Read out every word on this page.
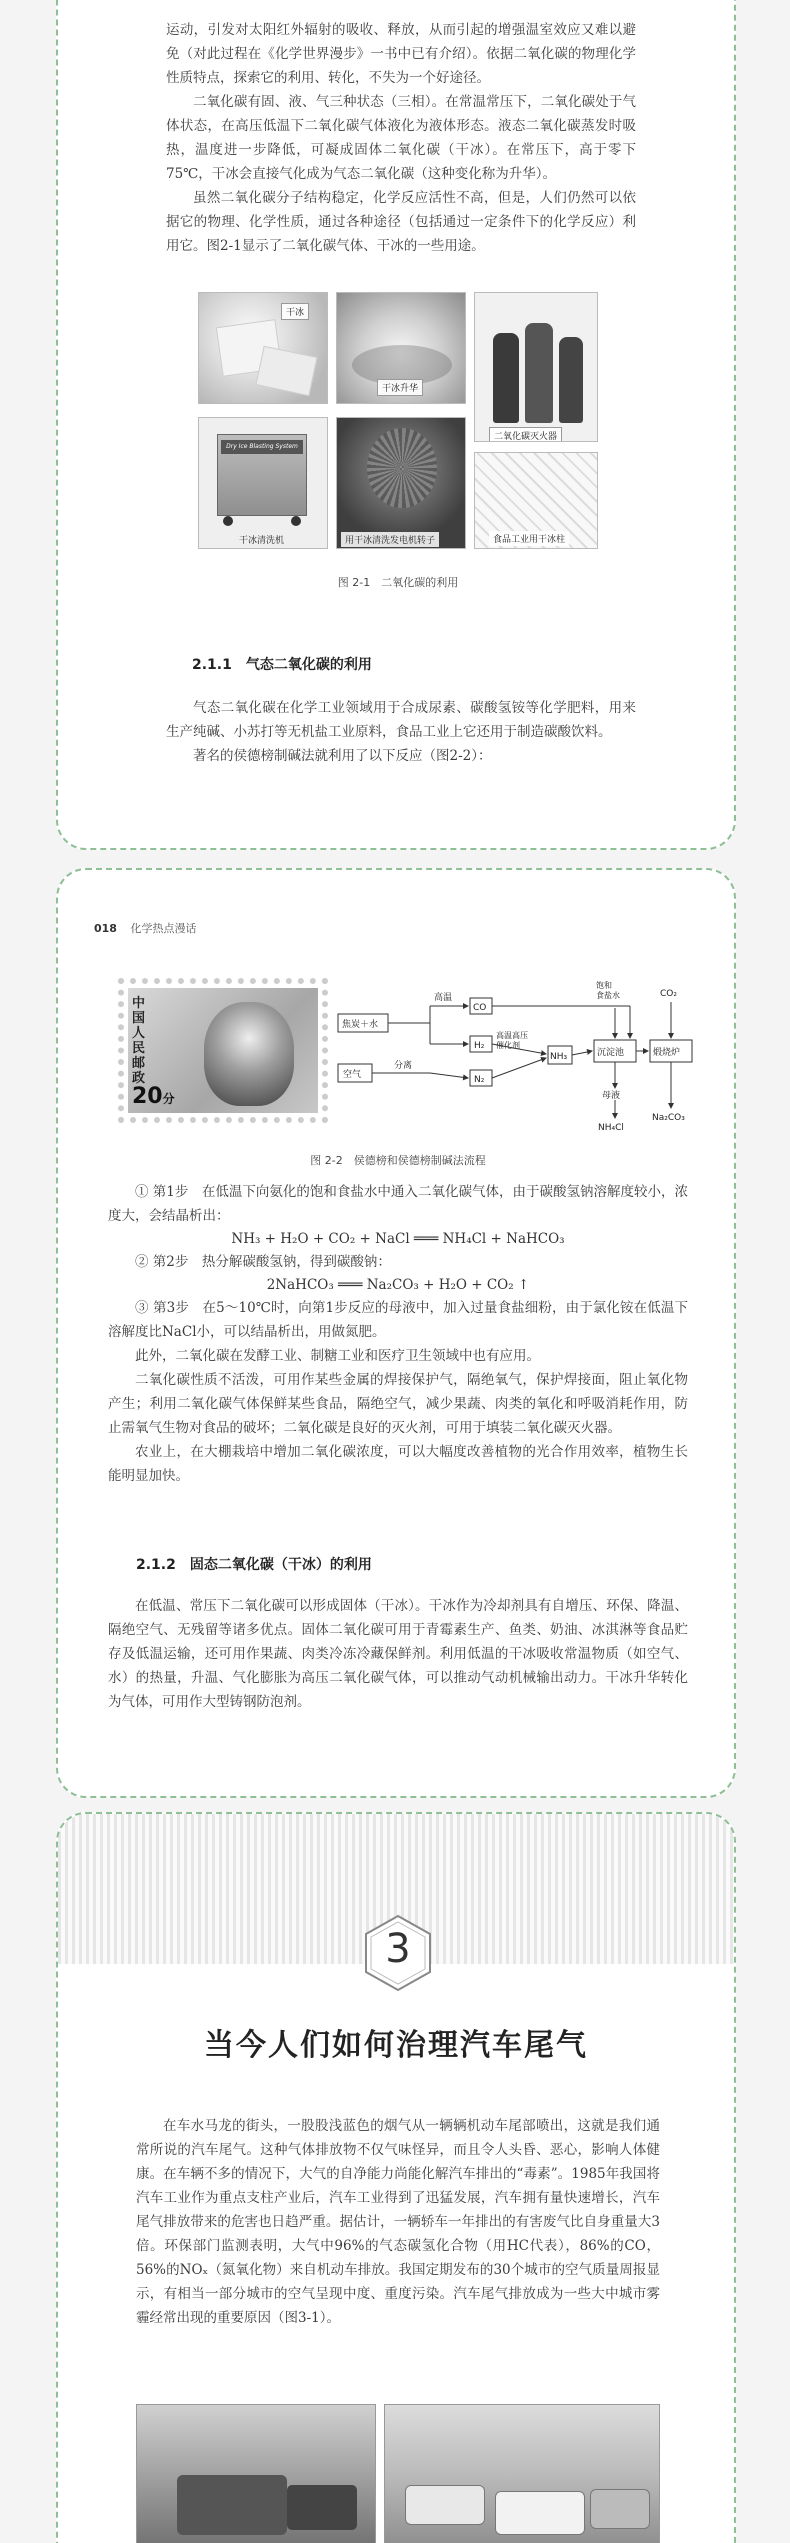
运动，引发对太阳红外辐射的吸收、释放，从而引起的增强温室效应又难以避免（对此过程在《化学世界漫步》一书中已有介绍）。依据二氧化碳的物理化学性质特点，探索它的利用、转化，不失为一个好途径。

二氧化碳有固、液、气三种状态（三相）。在常温常压下，二氧化碳处于气体状态，在高压低温下二氧化碳气体液化为液体形态。液态二氧化碳蒸发时吸热，温度进一步降低，可凝成固体二氧化碳（干冰）。在常压下，高于零下75℃，干冰会直接气化成为气态二氧化碳（这种变化称为升华）。

虽然二氧化碳分子结构稳定，化学反应活性不高，但是，人们仍然可以依据它的物理、化学性质，通过各种途径（包括通过一定条件下的化学反应）利用它。图2-1显示了二氧化碳气体、干冰的一些用途。

干冰
干冰升华
二氧化碳灭火器
Dry Ice Blasting System
干冰清洗机	用干冰清洗发电机转子	食品工业用干冰柱
图 2-1　二氧化碳的利用
2.1.1　气态二氧化碳的利用

气态二氧化碳在化学工业领域用于合成尿素、碳酸氢铵等化学肥料，用来生产纯碱、小苏打等无机盐工业原料，食品工业上它还用于制造碳酸饮料。

著名的侯德榜制碱法就利用了以下反应（图2-2）：

018 化学热点漫话
中国人民邮政
20分
焦炭＋水
高温
CO
H₂
高温高压催化剂
空气
分离
N₂
NH₃
饱和食盐水	CO₂
沉淀池	煅烧炉
母液
NH₄Cl
Na₂CO₃
图 2-2　侯德榜和侯德榜制碱法流程

① 第1步　在低温下向氨化的饱和食盐水中通入二氧化碳气体，由于碳酸氢钠溶解度较小，浓度大，会结晶析出：

NH₃ + H₂O + CO₂ + NaCl ═══ NH₄Cl + NaHCO₃

② 第2步　热分解碳酸氢钠，得到碳酸钠：

2NaHCO₃ ═══ Na₂CO₃ + H₂O + CO₂ ↑

③ 第3步　在5～10℃时，向第1步反应的母液中，加入过量食盐细粉，由于氯化铵在低温下溶解度比NaCl小，可以结晶析出，用做氮肥。

此外，二氧化碳在发酵工业、制糖工业和医疗卫生领域中也有应用。

二氧化碳性质不活泼，可用作某些金属的焊接保护气，隔绝氧气，保护焊接面，阻止氧化物产生；利用二氧化碳气体保鲜某些食品，隔绝空气，减少果蔬、肉类的氧化和呼吸消耗作用，防止需氧气生物对食品的破坏；二氧化碳是良好的灭火剂，可用于填装二氧化碳灭火器。

农业上，在大棚栽培中增加二氧化碳浓度，可以大幅度改善植物的光合作用效率，植物生长能明显加快。

2.1.2　固态二氧化碳（干冰）的利用

在低温、常压下二氧化碳可以形成固体（干冰）。干冰作为冷却剂具有自增压、环保、降温、隔绝空气、无残留等诸多优点。固体二氧化碳可用于青霉素生产、鱼类、奶油、冰淇淋等食品贮存及低温运输，还可用作果蔬、肉类冷冻冷藏保鲜剂。利用低温的干冰吸收常温物质（如空气、水）的热量，升温、气化膨胀为高压二氧化碳气体，可以推动气动机械输出动力。干冰升华转化为气体，可用作大型铸钢防泡剂。

3
当今人们如何治理汽车尾气

在车水马龙的街头，一股股浅蓝色的烟气从一辆辆机动车尾部喷出，这就是我们通常所说的汽车尾气。这种气体排放物不仅气味怪异，而且令人头昏、恶心，影响人体健康。在车辆不多的情况下，大气的自净能力尚能化解汽车排出的“毒素”。1985年我国将汽车工业作为重点支柱产业后，汽车工业得到了迅猛发展，汽车拥有量快速增长，汽车尾气排放带来的危害也日趋严重。据估计，一辆轿车一年排出的有害废气比自身重量大3倍。环保部门监测表明，大气中96%的气态碳氢化合物（用HC代表），86%的CO，56%的NOₓ（氮氧化物）来自机动车排放。我国定期发布的30个城市的空气质量周报显示，有相当一部分城市的空气呈现中度、重度污染。汽车尾气排放成为一些大中城市雾霾经常出现的重要原因（图3-1）。
